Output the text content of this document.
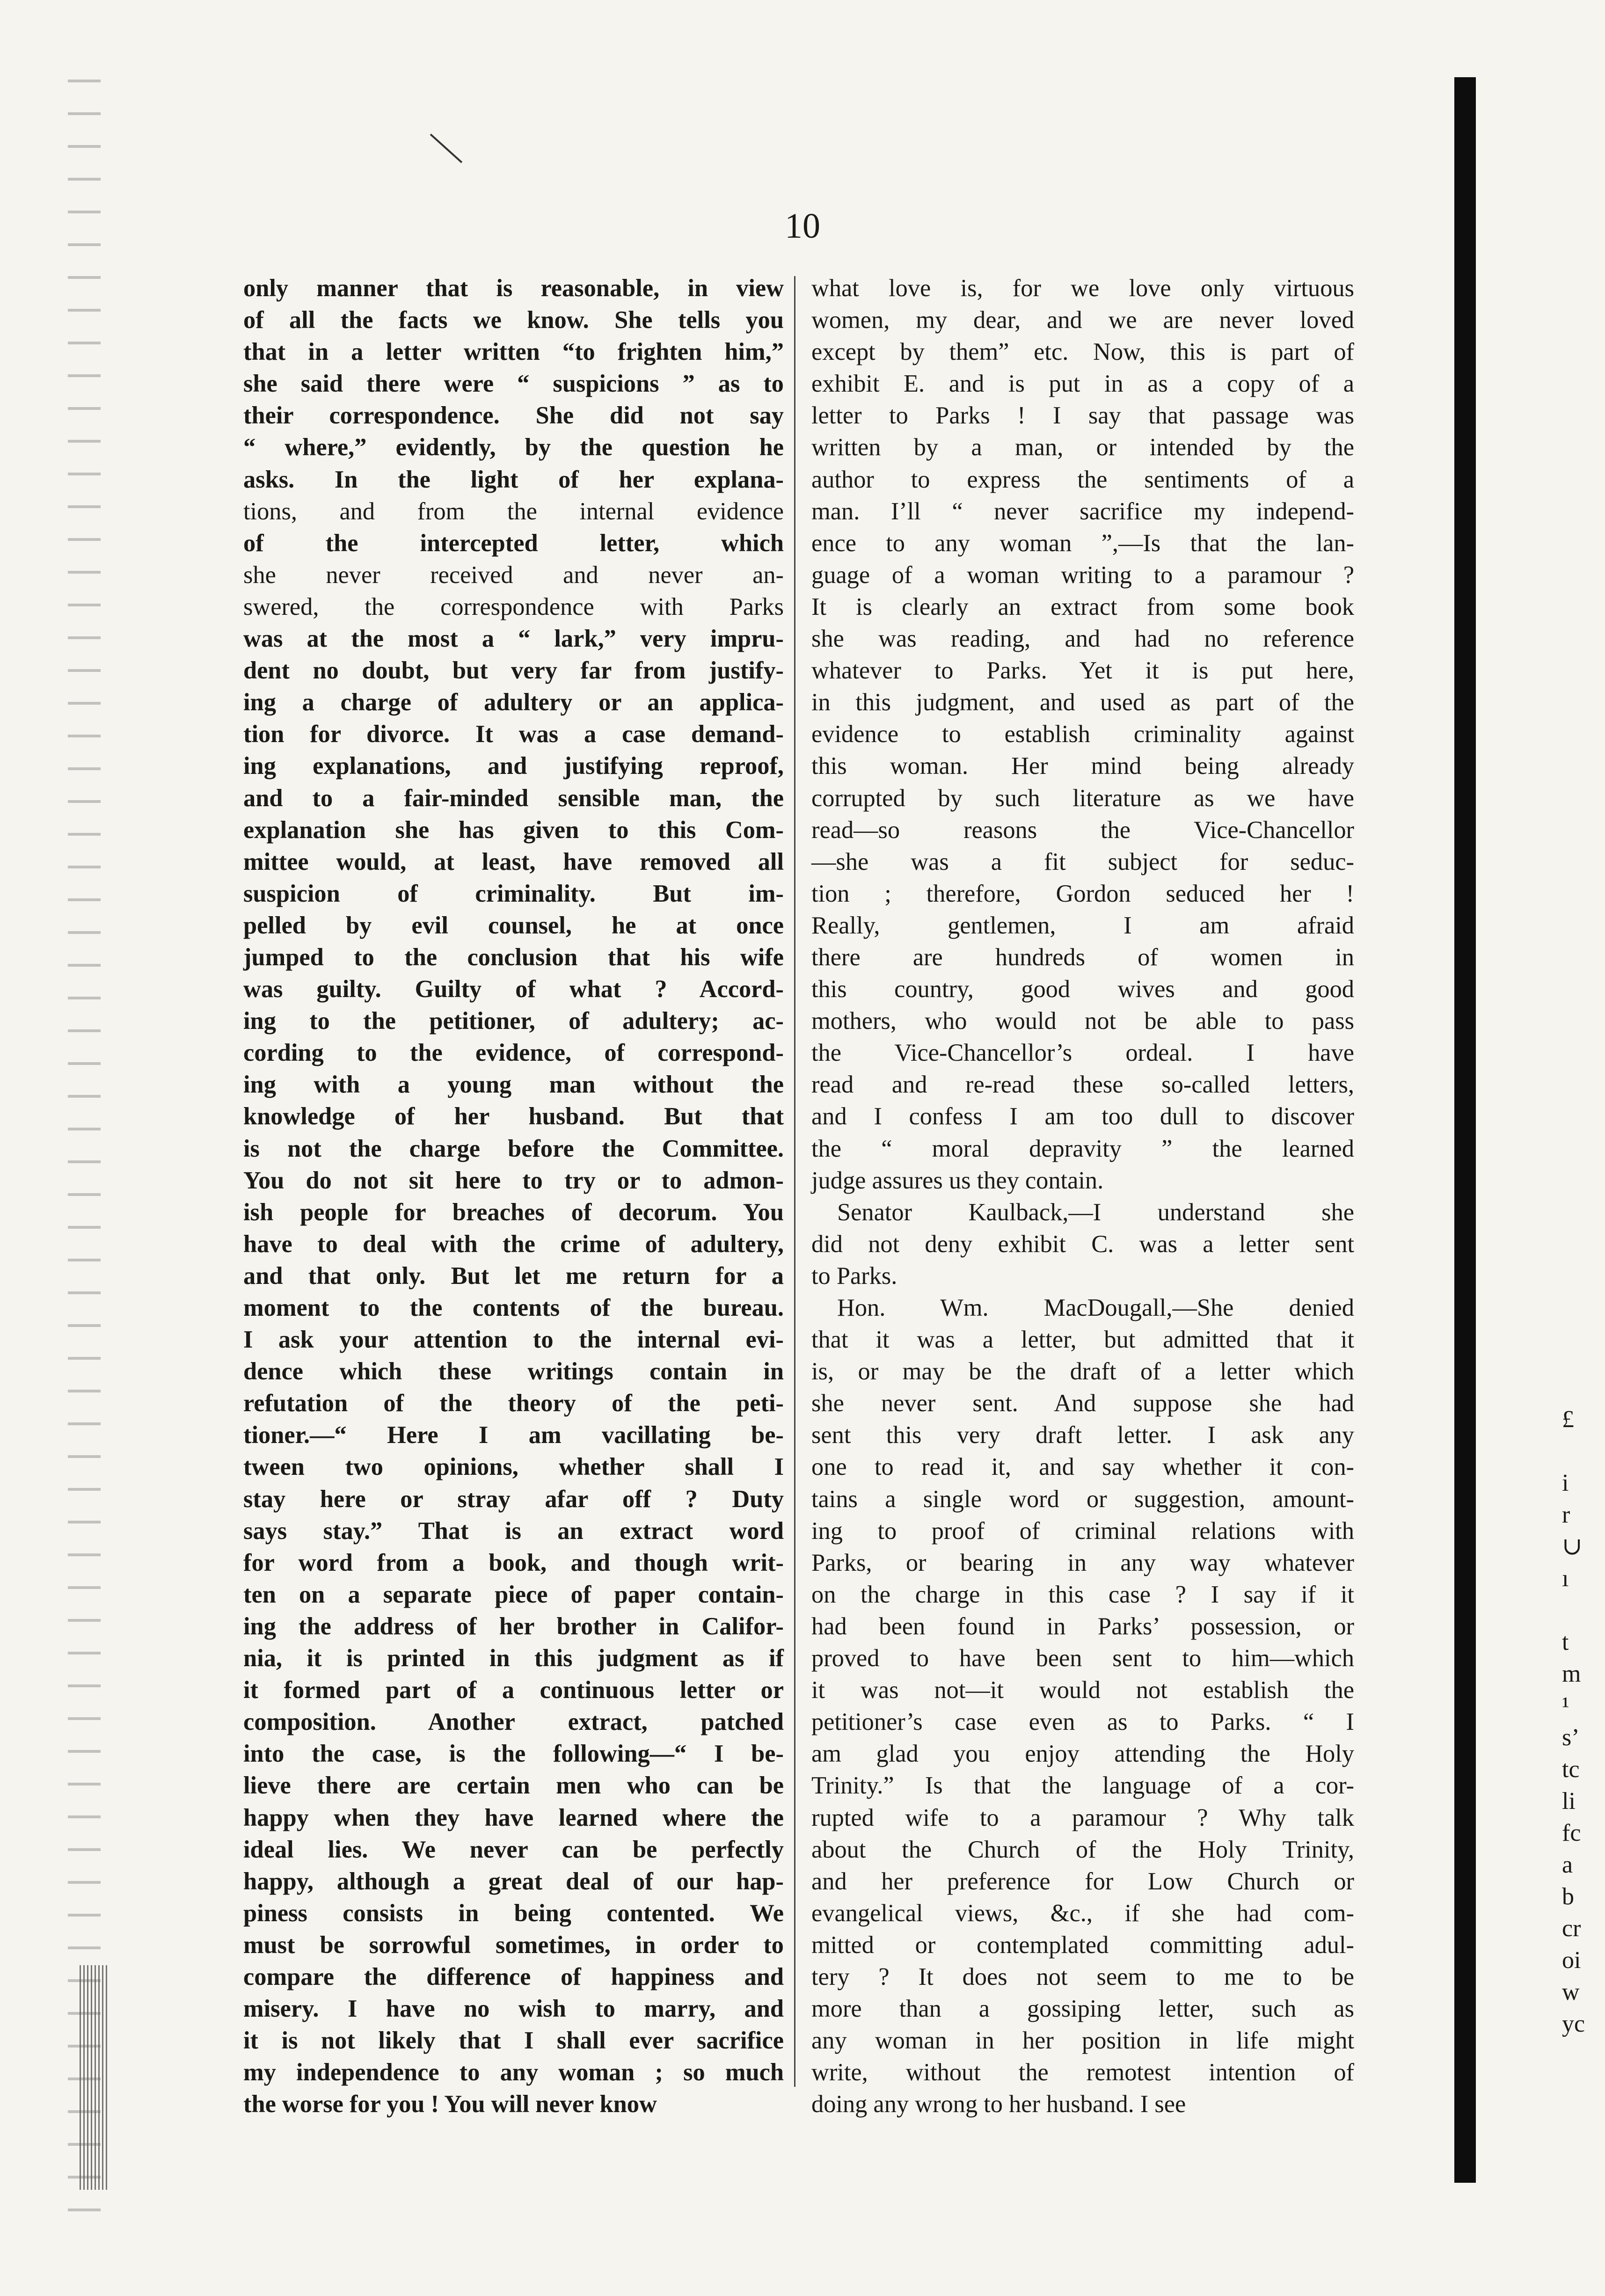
10
only manner that is reasonable, in view
of all the facts we know. She tells you
that in a letter written “to frighten him,”
she said there were “ suspicions ” as to
their correspondence. She did not say
“ where,” evidently, by the question he
asks. In the light of her explana-
tions, and from the internal evidence
of the intercepted letter, which
she never received and never an-
swered, the correspondence with Parks
was at the most a “ lark,” very impru-
dent no doubt, but very far from justify-
ing a charge of adultery or an applica-
tion for divorce. It was a case demand-
ing explanations, and justifying reproof,
and to a fair-minded sensible man, the
explanation she has given to this Com-
mittee would, at least, have removed all
suspicion of criminality. But im-
pelled by evil counsel, he at once
jumped to the conclusion that his wife
was guilty. Guilty of what ? Accord-
ing to the petitioner, of adultery; ac-
cording to the evidence, of correspond-
ing with a young man without the
knowledge of her husband. But that
is not the charge before the Committee.
You do not sit here to try or to admon-
ish people for breaches of decorum. You
have to deal with the crime of adultery,
and that only. But let me return for a
moment to the contents of the bureau.
I ask your attention to the internal evi-
dence which these writings contain in
refutation of the theory of the peti-
tioner.—“ Here I am vacillating be-
tween two opinions, whether shall I
stay here or stray afar off ? Duty
says stay.” That is an extract word
for word from a book, and though writ-
ten on a separate piece of paper contain-
ing the address of her brother in Califor-
nia, it is printed in this judgment as if
it formed part of a continuous letter or
composition. Another extract, patched
into the case, is the following—“ I be-
lieve there are certain men who can be
happy when they have learned where the
ideal lies. We never can be perfectly
happy, although a great deal of our hap-
piness consists in being contented. We
must be sorrowful sometimes, in order to
compare the difference of happiness and
misery. I have no wish to marry, and
it is not likely that I shall ever sacrifice
my independence to any woman ; so much
the worse for you ! You will never know
what love is, for we love only virtuous
women, my dear, and we are never loved
except by them” etc. Now, this is part of
exhibit E. and is put in as a copy of a
letter to Parks ! I say that passage was
written by a man, or intended by the
author to express the sentiments of a
man. I’ll “ never sacrifice my independ-
ence to any woman ”,—Is that the lan-
guage of a woman writing to a paramour ?
It is clearly an extract from some book
she was reading, and had no reference
whatever to Parks. Yet it is put here,
in this judgment, and used as part of the
evidence to establish criminality against
this woman. Her mind being already
corrupted by such literature as we have
read—so reasons the Vice-Chancellor
—she was a fit subject for seduc-
tion ; therefore, Gordon seduced her !
Really, gentlemen, I am afraid
there are hundreds of women in
this country, good wives and good
mothers, who would not be able to pass
the Vice-Chancellor’s ordeal. I have
read and re-read these so-called letters,
and I confess I am too dull to discover
the “ moral depravity ” the learned
judge assures us they contain.
Senator Kaulback,—I understand she
did not deny exhibit C. was a letter sent
to Parks.
Hon. Wm. MacDougall,—She denied
that it was a letter, but admitted that it
is, or may be the draft of a letter which
she never sent. And suppose she had
sent this very draft letter. I ask any
one to read it, and say whether it con-
tains a single word or suggestion, amount-
ing to proof of criminal relations with
Parks, or bearing in any way whatever
on the charge in this case ? I say if it
had been found in Parks’ possession, or
proved to have been sent to him—which
it was not—it would not establish the
petitioner’s case even as to Parks. “ I
am glad you enjoy attending the Holy
Trinity.” Is that the language of a cor-
rupted wife to a paramour ? Why talk
about the Church of the Holy Trinity,
and her preference for Low Church or
evangelical views, &c., if she had com-
mitted or contemplated committing adul-
tery ? It does not seem to me to be
more than a gossiping letter, such as
any woman in her position in life might
write, without the remotest intention of
doing any wrong to her husband. I see
£
i
r
∪
ı
t
m
¹
sʼ
tc
li
fc
a
b
cr
oi
w
yc
